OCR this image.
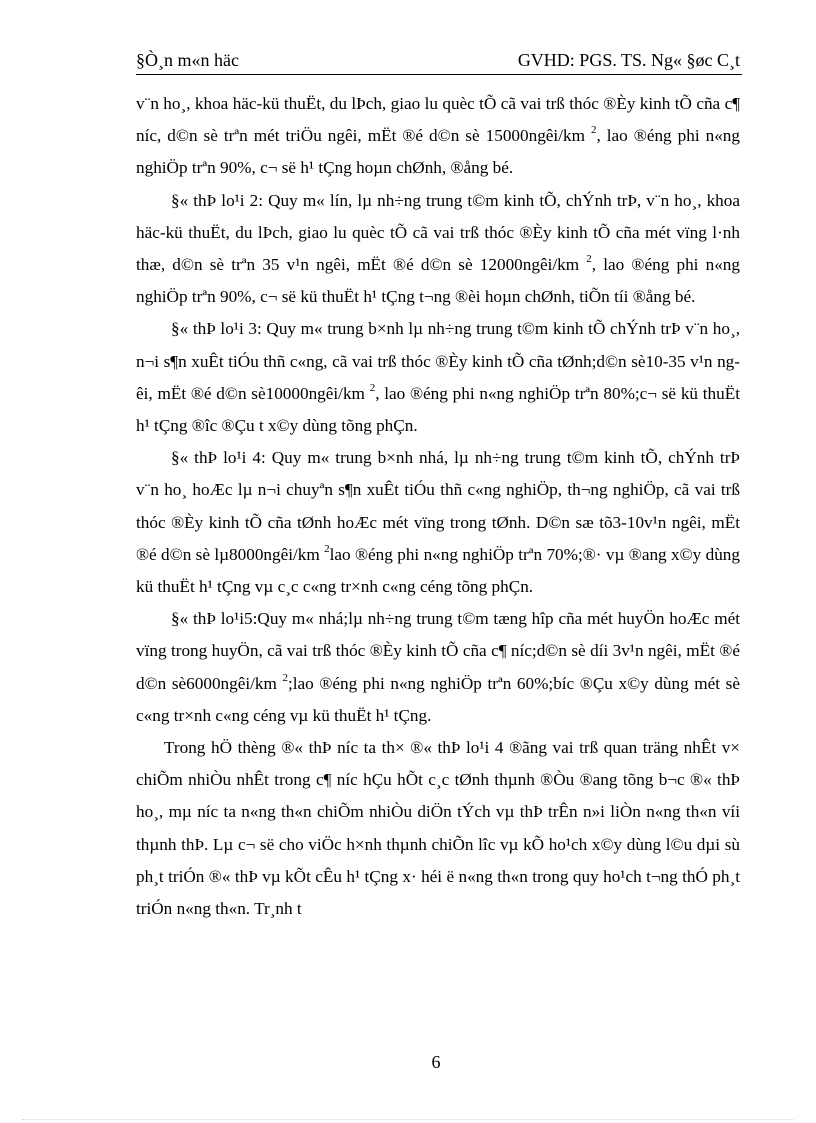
§Ò¸n m«n häc	GVHD: PGS. TS. Ng« §øc C¸t

v¨n ho¸, khoa häc-kü thuËt, du lÞch, giao lu quèc tÕ cã vai trß thóc ®Èy kinh tÕ cña c¶ níc, d©n sè trªn mét triÖu ngêi, mËt ®é d©n sè 15000ngêi/km $^2$, lao ®éng phi n«ng nghiÖp trªn 90%, c¬ së h¹ tÇng hoµn chØnh, ®ång bé.

§« thÞ lo¹i 2: Quy m« lín, lµ nh÷ng trung t©m kinh tÕ, chÝnh trÞ, v¨n ho¸, khoa häc-kü thuËt, du lÞch, giao lu quèc tÕ cã vai trß thóc ®Èy kinh tÕ cña mét vïng l·nh thæ, d©n sè trªn 35 v¹n ngêi, mËt ®é d©n sè 12000ngêi/km $^2$, lao ®éng phi n«ng nghiÖp trªn 90%, c¬ së kü thuËt h¹ tÇng t¬ng ®èi hoµn chØnh, tiÕn tíi ®ång bé.

§« thÞ lo¹i 3: Quy m« trung b×nh lµ nh÷ng trung t©m kinh tÕ chÝnh trÞ v¨n ho¸, n¬i s¶n xuÊt tiÓu thñ c«ng, cã vai trß thóc ®Èy kinh tÕ cña tØnh;d©n sè10-35 v¹n ngêi, mËt ®é d©n sè10000ngêi/km $^2$, lao ®éng phi n«ng nghiÖp trªn 80%;c¬ së kü thuËt h¹ tÇng ®îc ®Çu t x©y dùng tõng phÇn.

§« thÞ lo¹i 4: Quy m« trung b×nh nhá, lµ nh÷ng trung t©m kinh tÕ, chÝnh trÞ v¨n ho¸ hoÆc lµ n¬i chuyªn s¶n xuÊt tiÓu thñ c«ng nghiÖp, th¬ng nghiÖp, cã vai trß thóc ®Èy kinh tÕ cña tØnh hoÆc mét vïng trong tØnh. D©n sæ tõ3-10v¹n ngêi, mËt ®é d©n sè lµ8000ngêi/km $^2$lao ®éng phi n«ng nghiÖp trªn 70%;®· vµ ®ang x©y dùng kü thuËt h¹ tÇng vµ c¸c c«ng tr×nh c«ng céng tõng phÇn.

§« thÞ lo¹i5:Quy m« nhá;lµ nh÷ng trung t©m tæng hîp cña mét huyÖn hoÆc mét vïng trong huyÖn, cã vai trß thóc ®Èy kinh tÕ cña c¶ níc;d©n sè díi 3v¹n ngêi, mËt ®é d©n sè6000ngêi/km $^2$;lao ®éng phi n«ng nghiÖp trªn 60%;bíc ®Çu x©y dùng mét sè c«ng tr×nh c«ng céng vµ kü thuËt h¹ tÇng.

Trong hÖ thèng ®« thÞ níc ta th× ®« thÞ lo¹i 4 ®ãng vai trß quan träng nhÊt v× chiÕm nhiÒu nhÊt trong c¶ níc hÇu hÕt c¸c tØnh thµnh ®Òu ®ang tõng b¬c ®« thÞ ho¸, mµ níc ta n«ng th«n chiÕm nhiÒu diÖn tÝch vµ thÞ trÊn n»i liÒn n«ng th«n víi thµnh thÞ. Lµ c¬ së cho viÖc h×nh thµnh chiÕn lîc vµ kÕ ho¹ch x©y dùng l©u dµi sù ph¸t triÓn ®« thÞ vµ kÕt cÊu h¹ tÇng x· héi ë n«ng th«n trong quy ho¹ch t¬ng thÓ ph¸t triÓn n«ng th«n. Tr¸nh t

6
